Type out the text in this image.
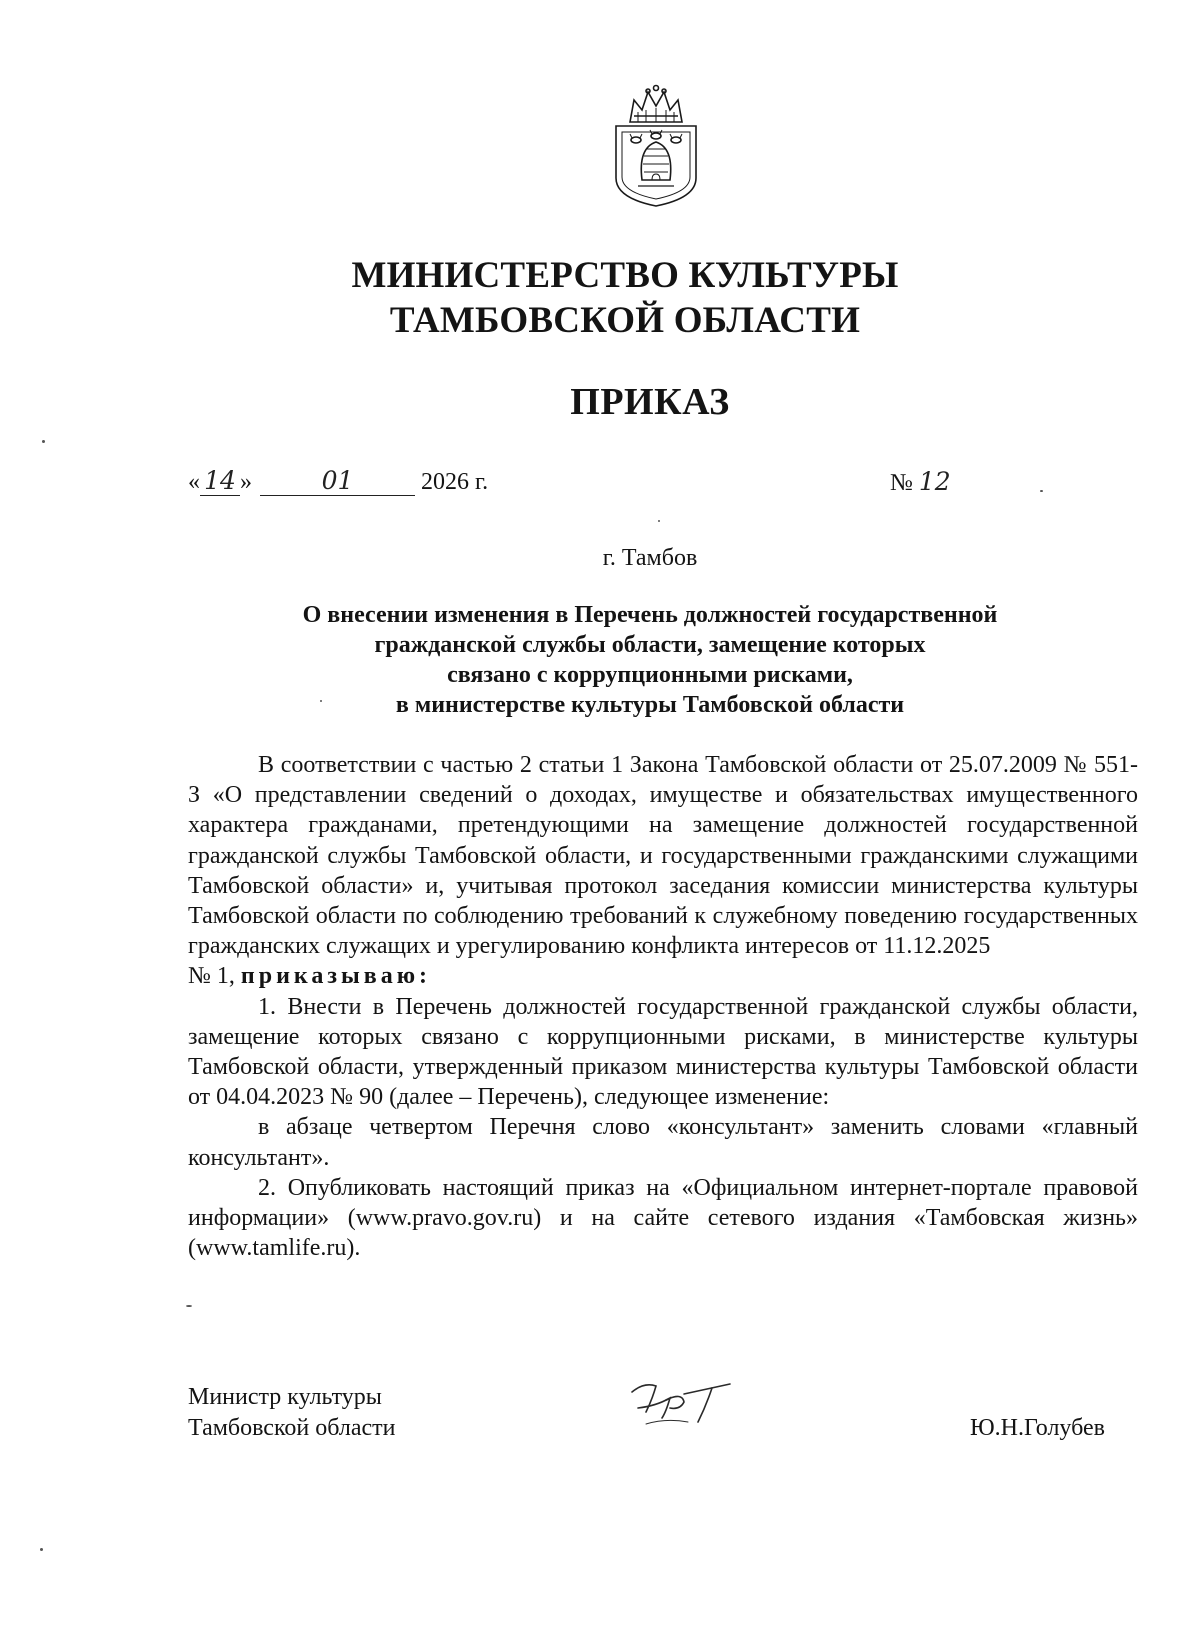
МИНИСТЕРСТВО КУЛЬТУРЫ
ТАМБОВСКОЙ ОБЛАСТИ
ПРИКАЗ
« 14 »	01	2026 г.	№ 12
г. Тамбов
О внесении изменения в Перечень должностей государственной
гражданской службы области, замещение которых
связано с коррупционными рисками,
в министерстве культуры Тамбовской области

В соответствии с частью 2 статьи 1 Закона Тамбовской области от 25.07.2009 № 551-З «О представлении сведений о доходах, имуществе и обязательствах имущественного характера гражданами, претендующими на замещение должностей государственной гражданской службы Тамбовской области, и государственными гражданскими служащими Тамбовской области» и, учитывая протокол заседания комиссии министерства культуры Тамбовской области по соблюдению требований к служебному поведению государственных гражданских служащих и урегулированию конфликта интересов от 11.12.2025
№ 1, приказываю:

1. Внести в Перечень должностей государственной гражданской службы области, замещение которых связано с коррупционными рисками, в министерстве культуры Тамбовской области, утвержденный приказом министерства культуры Тамбовской области от 04.04.2023 № 90 (далее – Перечень), следующее изменение:

в абзаце четвертом Перечня слово «консультант» заменить словами «главный консультант».

2. Опубликовать настоящий приказ на «Официальном интернет-портале правовой информации» (www.pravo.gov.ru) и на сайте сетевого издания «Тамбовская жизнь» (www.tamlife.ru).

Министр культуры
Тамбовской области	Ю.Н.Голубев
